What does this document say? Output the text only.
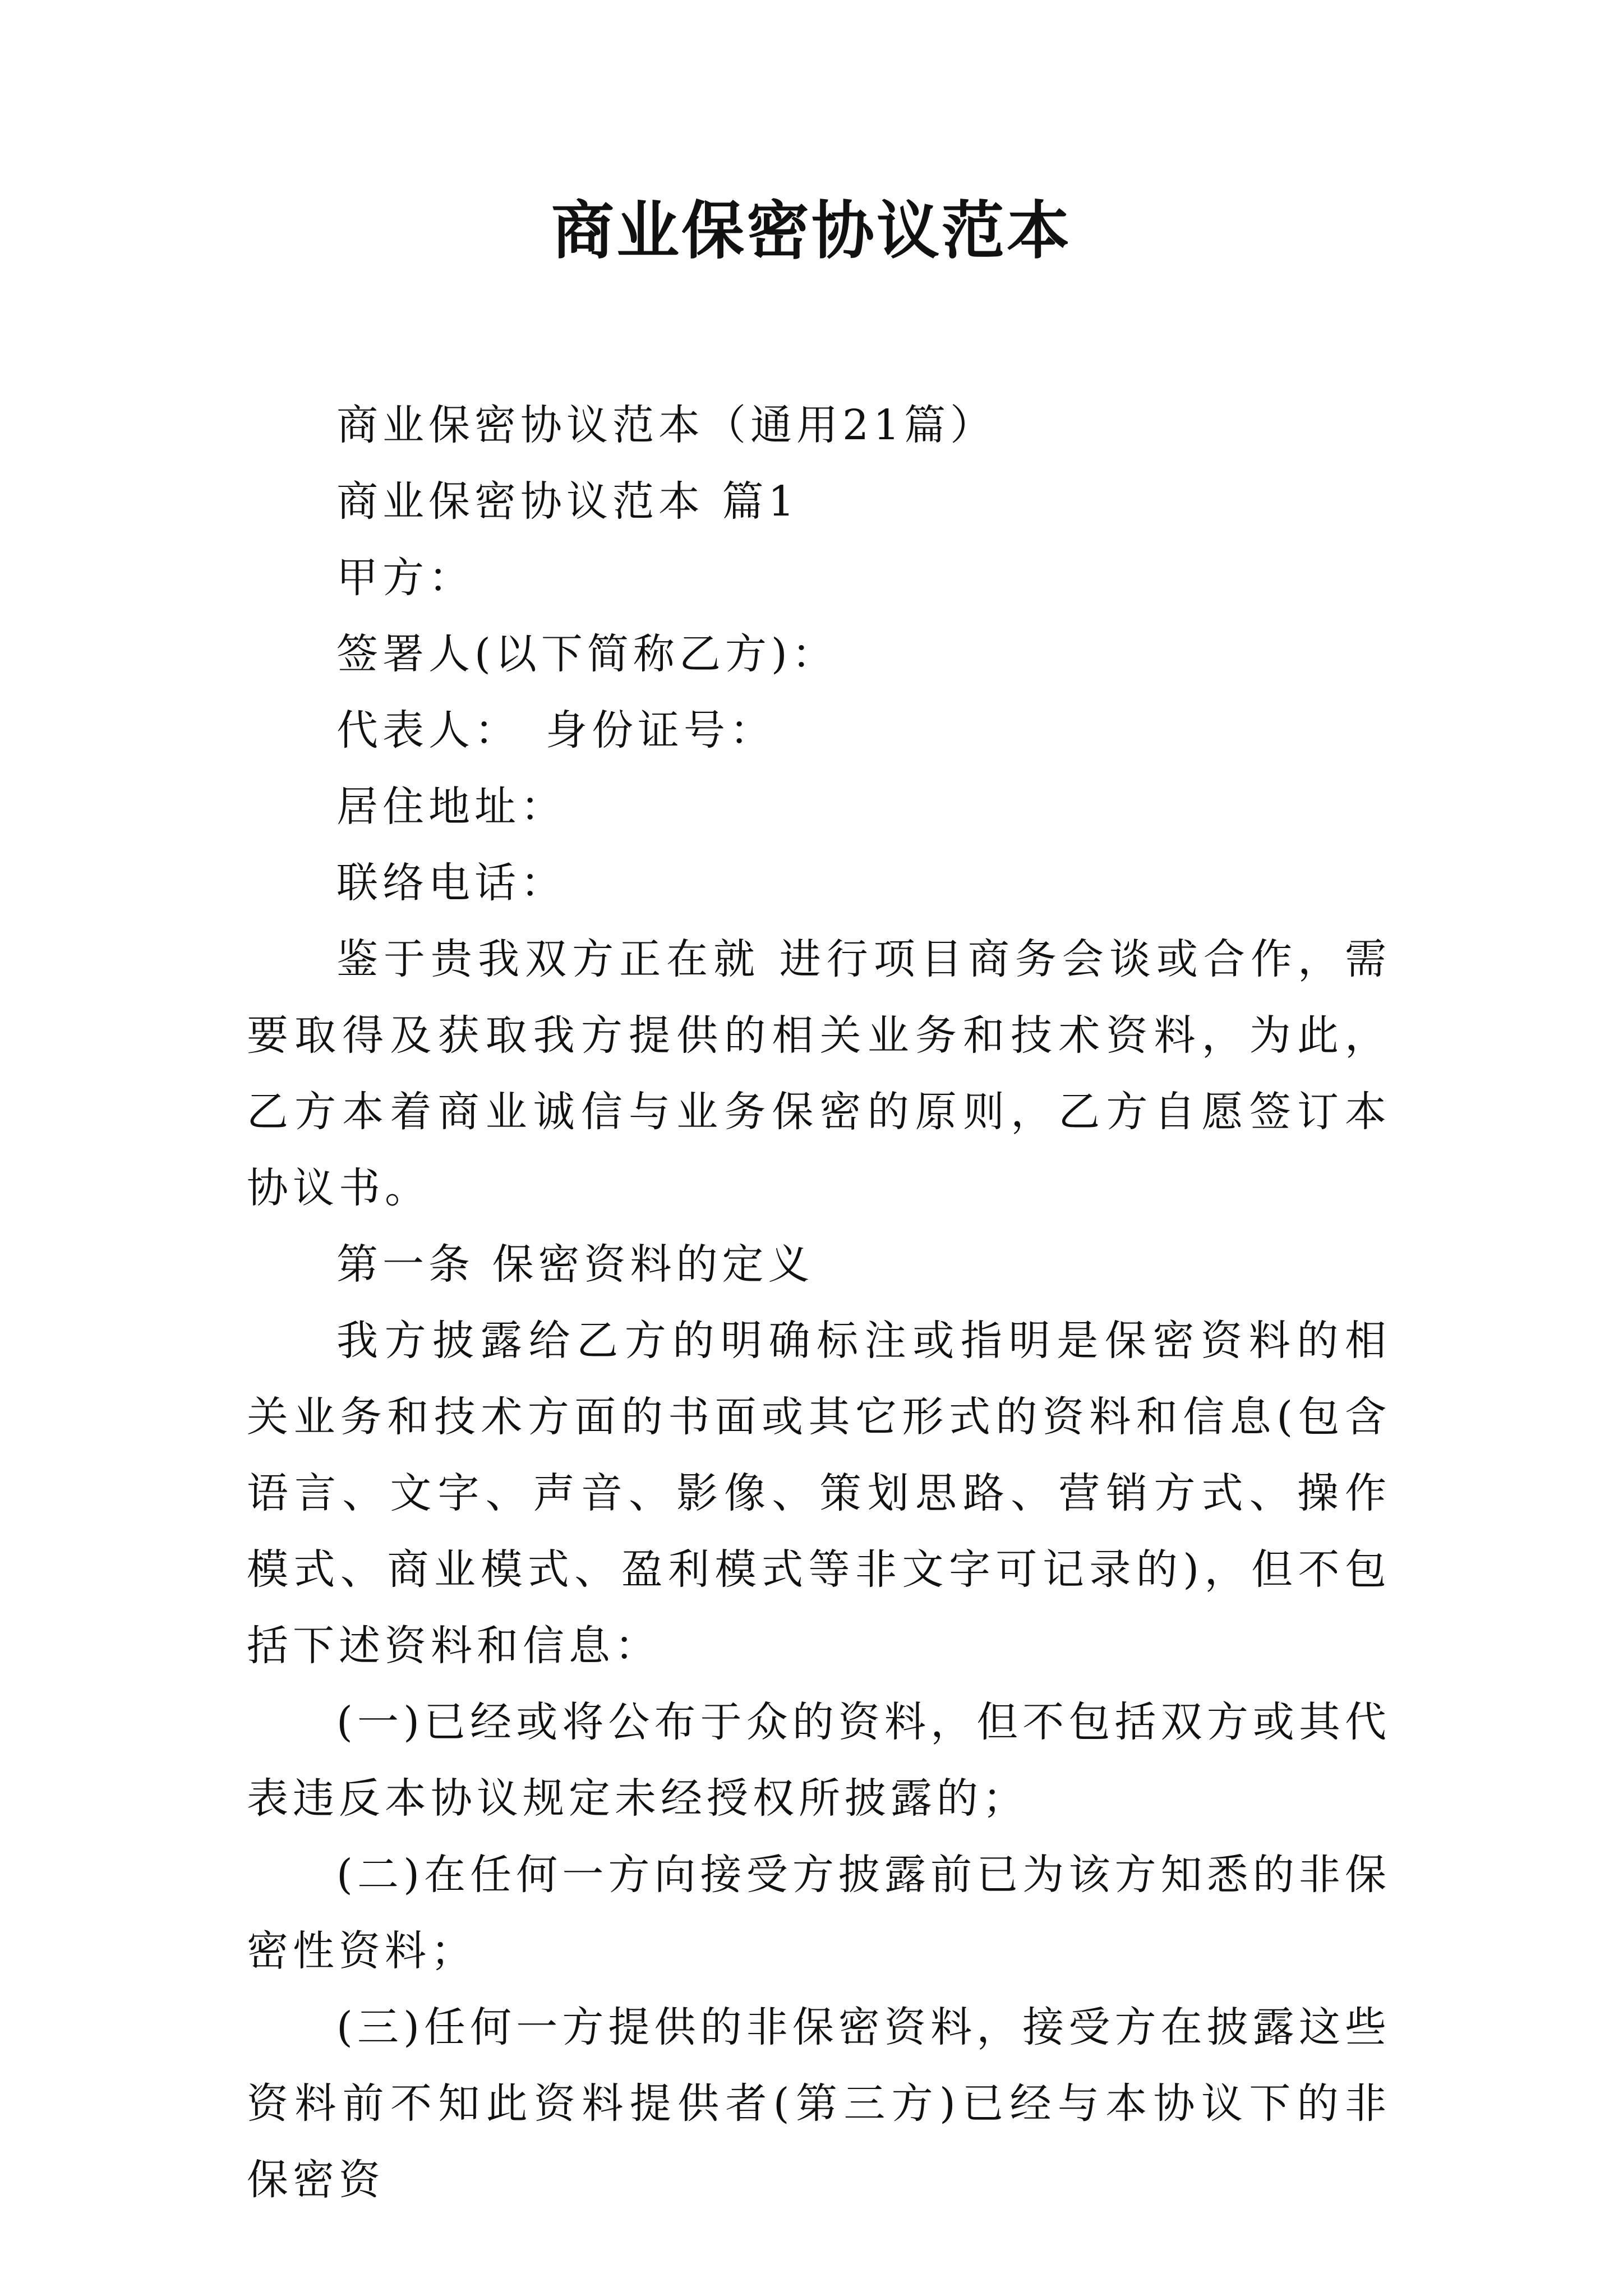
商业保密协议范本

商业保密协议范本（通用21篇）

商业保密协议范本 篇1

甲方：

签署人(以下简称乙方)：

代表人：　身份证号：

居住地址：

联络电话：

鉴于贵我双方正在就 进行项目商务会谈或合作，需要取得及获取我方提供的相关业务和技术资料，为此，乙方本着商业诚信与业务保密的原则，乙方自愿签订本协议书。

第一条 保密资料的定义

我方披露给乙方的明确标注或指明是保密资料的相关业务和技术方面的书面或其它形式的资料和信息(包含语言、文字、声音、影像、策划思路、营销方式、操作模式、商业模式、盈利模式等非文字可记录的)，但不包括下述资料和信息：

(一)已经或将公布于众的资料，但不包括双方或其代表违反本协议规定未经授权所披露的；

(二)在任何一方向接受方披露前已为该方知悉的非保密性资料；

(三)任何一方提供的非保密资料，接受方在披露这些资料前不知此资料提供者(第三方)已经与本协议下的非保密资
